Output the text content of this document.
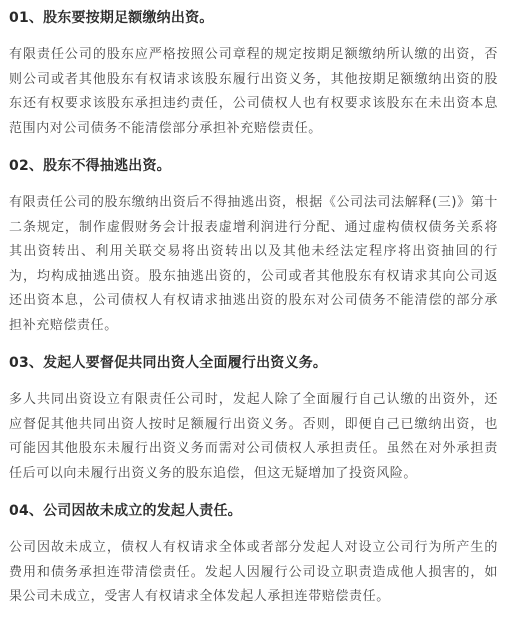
01、股东要按期足额缴纳出资。

有限责任公司的股东应严格按照公司章程的规定按期足额缴纳所认缴的出资，否则公司或者其他股东有权请求该股东履行出资义务，其他按期足额缴纳出资的股东还有权要求该股东承担违约责任，公司债权人也有权要求该股东在未出资本息范围内对公司债务不能清偿部分承担补充赔偿责任。

02、股东不得抽逃出资。

有限责任公司的股东缴纳出资后不得抽逃出资，根据《公司法司法解释(三)》第十二条规定，制作虚假财务会计报表虚增利润进行分配、通过虚构债权债务关系将其出资转出、利用关联交易将出资转出以及其他未经法定程序将出资抽回的行为，均构成抽逃出资。股东抽逃出资的，公司或者其他股东有权请求其向公司返还出资本息，公司债权人有权请求抽逃出资的股东对公司债务不能清偿的部分承担补充赔偿责任。

03、发起人要督促共同出资人全面履行出资义务。

多人共同出资设立有限责任公司时，发起人除了全面履行自己认缴的出资外，还应督促其他共同出资人按时足额履行出资义务。否则，即便自己已缴纳出资，也可能因其他股东未履行出资义务而需对公司债权人承担责任。虽然在对外承担责任后可以向未履行出资义务的股东追偿，但这无疑增加了投资风险。

04、公司因故未成立的发起人责任。

公司因故未成立，债权人有权请求全体或者部分发起人对设立公司行为所产生的费用和债务承担连带清偿责任。发起人因履行公司设立职责造成他人损害的，如果公司未成立，受害人有权请求全体发起人承担连带赔偿责任。
